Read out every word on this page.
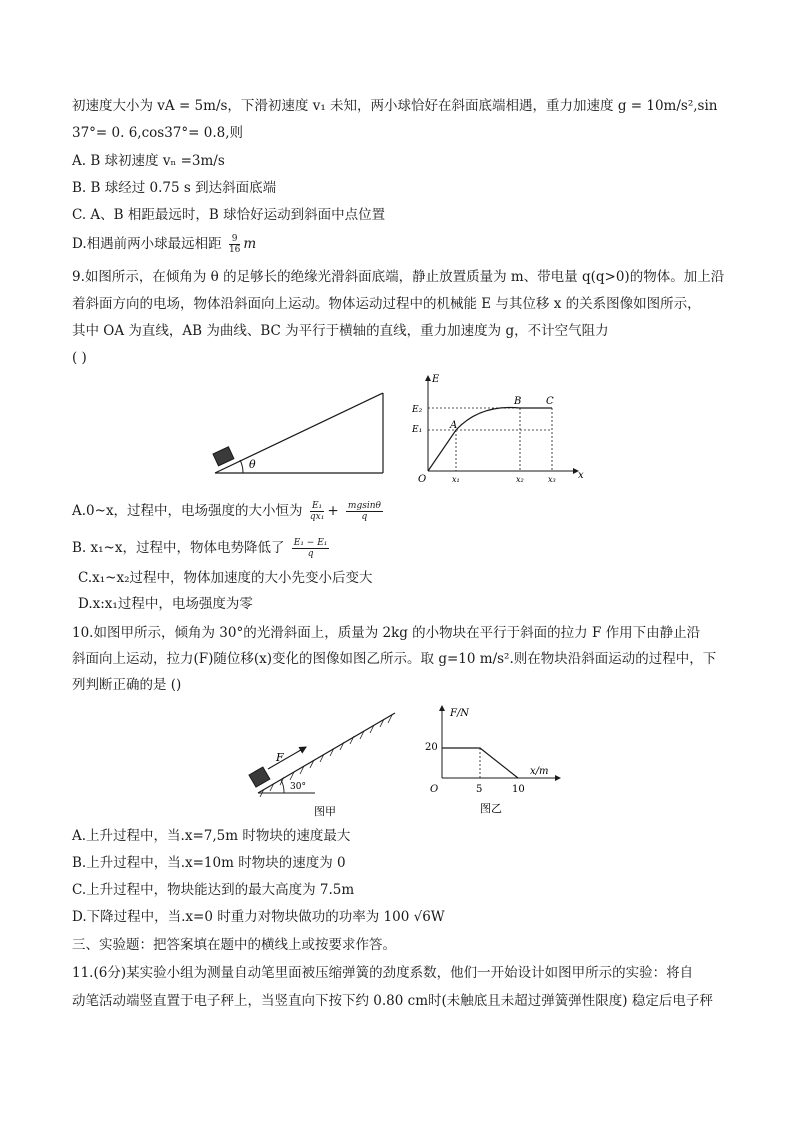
初速度大小为 vA = 5m/s，下滑初速度 v₁ 未知，两小球恰好在斜面底端相遇，重力加速度 g = 10m/s²,sin
37°= 0. 6,cos37°= 0.8,则
A. B 球初速度 vₙ =3m/s
B. B 球经过 0.75 s 到达斜面底端
C. A、B 相距最远时，B 球恰好运动到斜面中点位置
D.相遇前两小球最远相距 $\frac{9}{16}$ m
9.如图所示，在倾角为 θ 的足够长的绝缘光滑斜面底端，静止放置质量为 m、带电量 q(q>0)的物体。加上沿
着斜面方向的电场，物体沿斜面向上运动。物体运动过程中的机械能 E 与其位移 x 的关系图像如图所示，
其中 OA 为直线，AB 为曲线、BC 为平行于横轴的直线，重力加速度为 g，不计空气阻力
( )
θ
E
x
O
E₂
E₁	A
B C
x₁	x₂	x₃
A.0~x，过程中，电场强度的大小恒为 $\frac{\text{E₁}}{\text{qx₁}} + \frac{mgsin\theta}{q}$
B. x₁~x，过程中，物体电势降低了 $\frac{\text{E₁ − E₁}}{q}$
C.x₁~x₂过程中，物体加速度的大小先变小后变大
D.x:x₁过程中，电场强度为零
10.如图甲所示，倾角为 30°的光滑斜面上，质量为 2kg 的小物块在平行于斜面的拉力 F 作用下由静止沿
斜面向上运动，拉力(F)随位移(x)变化的图像如图乙所示。取 g=10 m/s².则在物块沿斜面运动的过程中，下
列判断正确的是 ()
F
30°
图甲
F/N
x/m
O
20
5	10
图乙
A.上升过程中，当.x=7,5m 时物块的速度最大
B.上升过程中，当.x=10m 时物块的速度为 0
C.上升过程中，物块能达到的最大高度为 7.5m
D.下降过程中，当.x=0 时重力对物块做功的功率为 100 √6W
三、实验题：把答案填在题中的横线上或按要求作答。
11.(6分)某实验小组为测量自动笔里面被压缩弹簧的劲度系数，他们一开始设计如图甲所示的实验：将自
动笔活动端竖直置于电子秤上，当竖直向下按下约 0.80 cm时(未触底且未超过弹簧弹性限度) 稳定后电子秤
